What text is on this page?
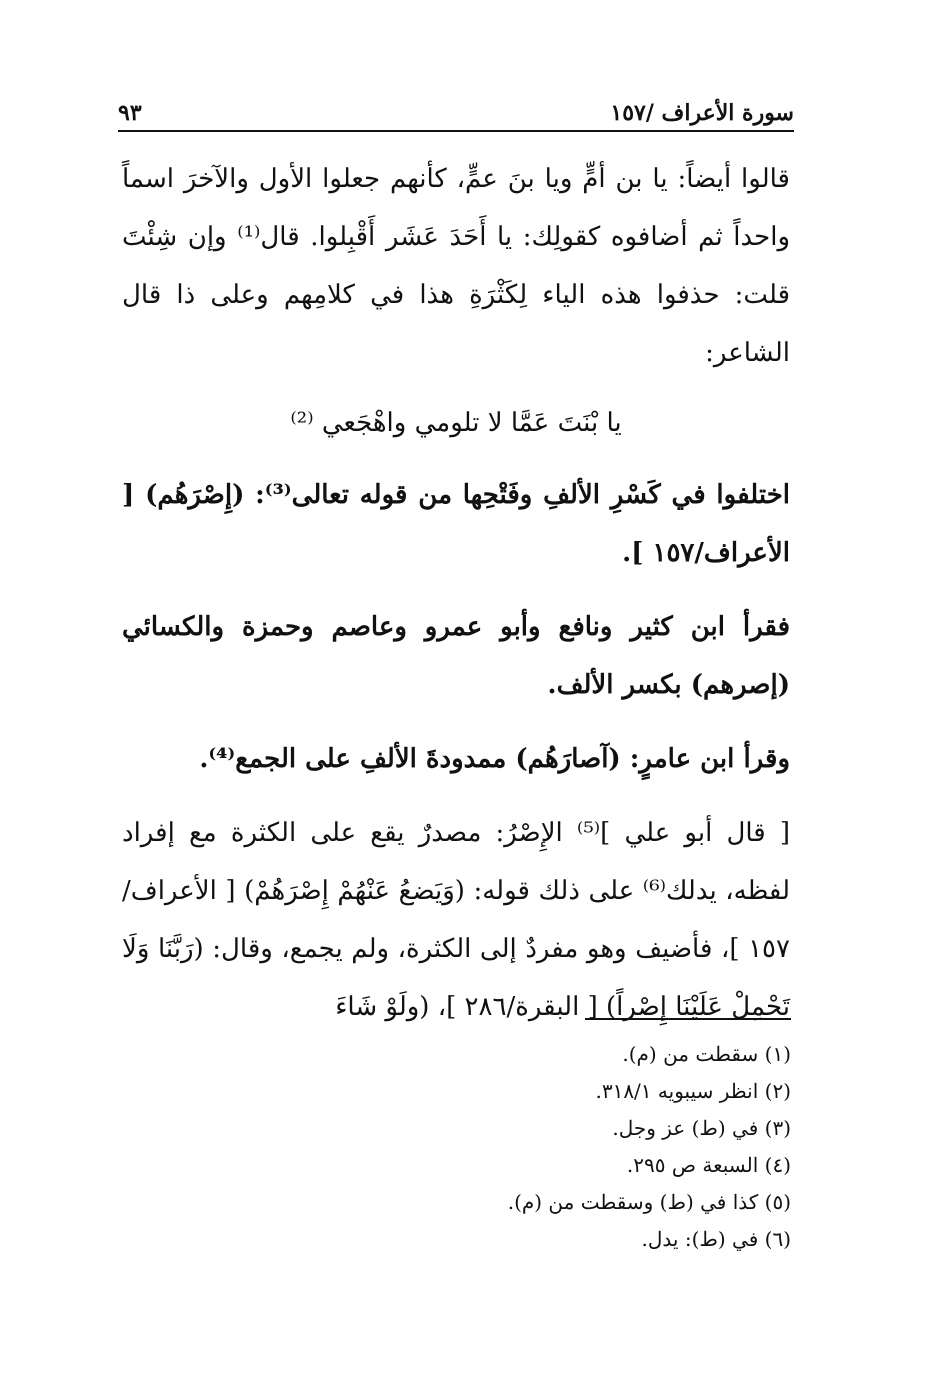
سورة الأعراف /١٥٧
٩٣

قالوا أيضاً: يا بن أمٍّ ويا بنَ عمٍّ، كأنهم جعلوا الأول والآخرَ اسماً واحداً ثم أضافوه كقولِك: يا أَحَدَ عَشَر أَقْبِلوا. قال⁽¹⁾ وإن شِئْتَ قلت: حذفوا هذه الياء لِكَثْرَةِ هذا في كلامِهم وعلى ذا قال الشاعر:

يا بْنَتَ عَمَّا لا تلومي واهْجَعي ⁽²⁾

اختلفوا في كَسْرِ الألفِ وفَتْحِها من قوله تعالى⁽³⁾: (إِصْرَهُم) [ الأعراف/١٥٧ ].

فقرأ ابن كثير ونافع وأبو عمرو وعاصم وحمزة والكسائي (إصرهم) بكسر الألف.

وقرأ ابن عامرٍ: (آصارَهُم) ممدودةَ الألفِ على الجمع⁽⁴⁾.

[ قال أبو علي ]⁽⁵⁾ الإِصْرُ: مصدرٌ يقع على الكثرة مع إفراد لفظه، يدلك⁽⁶⁾ على ذلك قوله: (وَيَضعُ عَنْهُمْ إِصْرَهُمْ) [ الأعراف/١٥٧ ]، فأضيف وهو مفردٌ إلى الكثرة، ولم يجمع، وقال: (رَبَّنَا وَلَا تَحْمِلْ عَلَيْنَا إِصْراً) [ البقرة/٢٨٦ ]، (ولَوْ شَاءَ

(١) سقطت من (م).
(٢) انظر سيبويه ٣١٨/١.
(٣) في (ط) عز وجل.
(٤) السبعة ص ٢٩٥.
(٥) كذا في (ط) وسقطت من (م).
(٦) في (ط): يدل.
